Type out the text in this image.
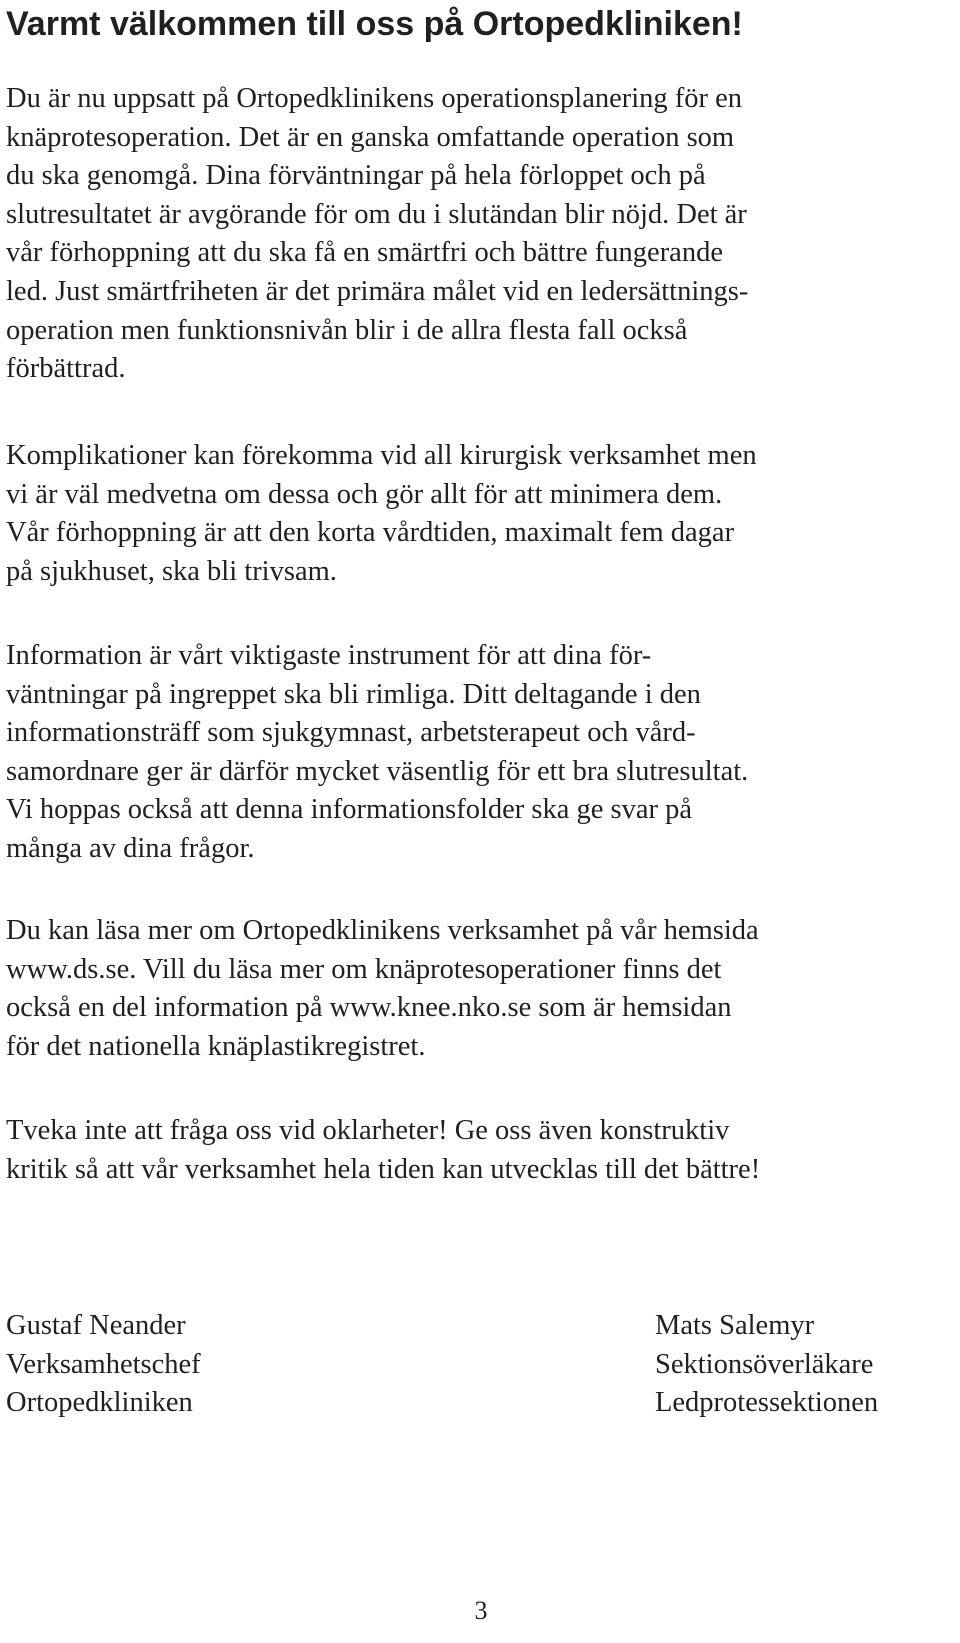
Varmt välkommen till oss på Ortopedkliniken!

Du är nu uppsatt på Ortopedklinikens operationsplanering för en
knäprotesoperation. Det är en ganska omfattande operation som
du ska genomgå. Dina förväntningar på hela förloppet och på
slutresultatet är avgörande för om du i slutändan blir nöjd. Det är
vår förhoppning att du ska få en smärtfri och bättre fungerande
led. Just smärtfriheten är det primära målet vid en ledersättnings-
operation men funktionsnivån blir i de allra flesta fall också
förbättrad.

Komplikationer kan förekomma vid all kirurgisk verksamhet men
vi är väl medvetna om dessa och gör allt för att minimera dem.
Vår förhoppning är att den korta vårdtiden, maximalt fem dagar
på sjukhuset, ska bli trivsam.

Information är vårt viktigaste instrument för att dina för-
väntningar på ingreppet ska bli rimliga. Ditt deltagande i den
informationsträff som sjukgymnast, arbetsterapeut och vård-
samordnare ger är därför mycket väsentlig för ett bra slutresultat.
Vi hoppas också att denna informationsfolder ska ge svar på
många av dina frågor.

Du kan läsa mer om Ortopedklinikens verksamhet på vår hemsida
www.ds.se. Vill du läsa mer om knäprotesoperationer finns det
också en del information på www.knee.nko.se som är hemsidan
för det nationella knäplastikregistret.

Tveka inte att fråga oss vid oklarheter! Ge oss även konstruktiv
kritik så att vår verksamhet hela tiden kan utvecklas till det bättre!

Gustaf Neander
Verksamhetschef
Ortopedkliniken
Mats Salemyr
Sektionsöverläkare
Ledprotessektionen
3
